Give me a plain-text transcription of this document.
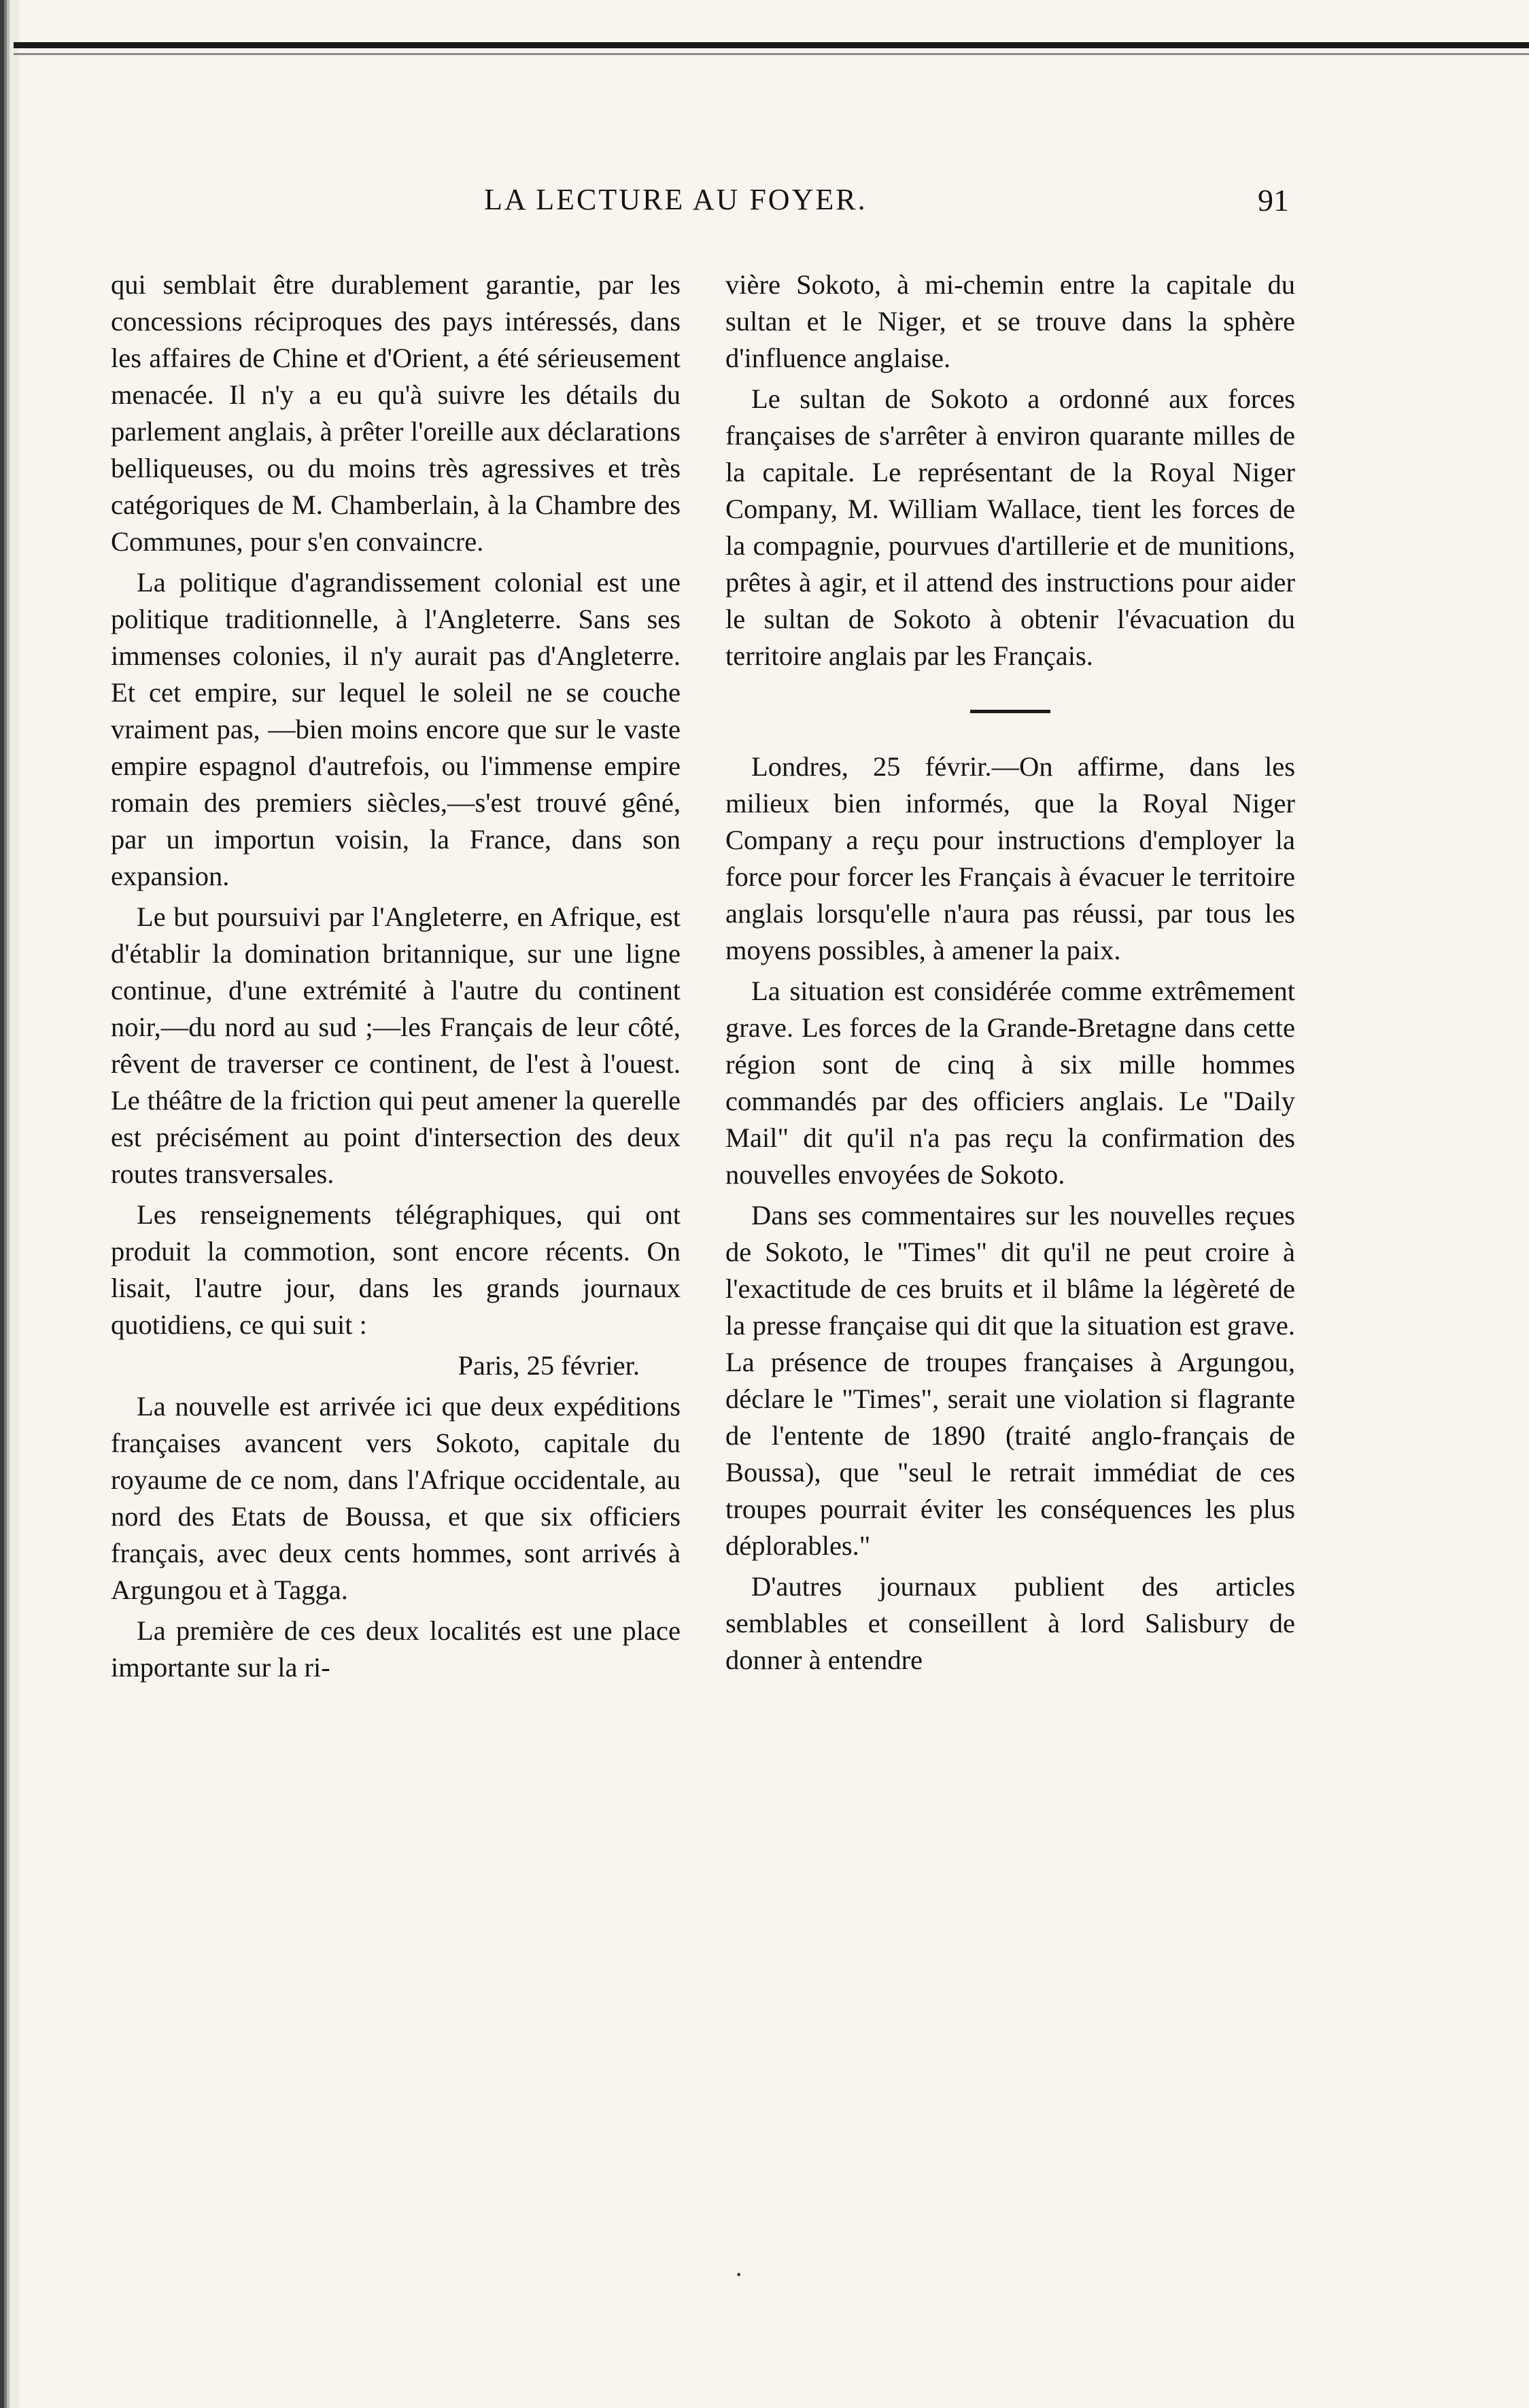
LA LECTURE AU FOYER.	91

qui semblait être durablement garantie, par les concessions réciproques des pays intéressés, dans les affaires de Chine et d'Orient, a été sérieusement menacée. Il n'y a eu qu'à suivre les détails du parlement anglais, à prêter l'oreille aux déclarations belliqueuses, ou du moins très agressives et très catégoriques de M. Chamberlain, à la Chambre des Communes, pour s'en convaincre.

La politique d'agrandissement colonial est une politique traditionnelle, à l'Angleterre. Sans ses immenses colonies, il n'y aurait pas d'Angleterre. Et cet empire, sur lequel le soleil ne se couche vraiment pas, —bien moins encore que sur le vaste empire espagnol d'autrefois, ou l'immense empire romain des premiers siècles,—s'est trouvé gêné, par un importun voisin, la France, dans son expansion.

Le but poursuivi par l'Angleterre, en Afrique, est d'établir la domination britannique, sur une ligne continue, d'une extrémité à l'autre du continent noir,—du nord au sud ;—les Français de leur côté, rêvent de traverser ce continent, de l'est à l'ouest. Le théâtre de la friction qui peut amener la querelle est précisément au point d'intersection des deux routes transversales.

Les renseignements télégraphiques, qui ont produit la commotion, sont encore récents. On lisait, l'autre jour, dans les grands journaux quotidiens, ce qui suit :

Paris, 25 février.

La nouvelle est arrivée ici que deux expéditions françaises avancent vers Sokoto, capitale du royaume de ce nom, dans l'Afrique occidentale, au nord des Etats de Boussa, et que six officiers français, avec deux cents hommes, sont arrivés à Argungou et à Tagga.

La première de ces deux localités est une place importante sur la ri-

vière Sokoto, à mi-chemin entre la capitale du sultan et le Niger, et se trouve dans la sphère d'influence anglaise.

Le sultan de Sokoto a ordonné aux forces françaises de s'arrêter à environ quarante milles de la capitale. Le représentant de la Royal Niger Company, M. William Wallace, tient les forces de la compagnie, pourvues d'artillerie et de munitions, prêtes à agir, et il attend des instructions pour aider le sultan de Sokoto à obtenir l'évacuation du territoire anglais par les Français.

Londres, 25 févrir.—On affirme, dans les milieux bien informés, que la Royal Niger Company a reçu pour instructions d'employer la force pour forcer les Français à évacuer le territoire anglais lorsqu'elle n'aura pas réussi, par tous les moyens possibles, à amener la paix.

La situation est considérée comme extrêmement grave. Les forces de la Grande-Bretagne dans cette région sont de cinq à six mille hommes commandés par des officiers anglais. Le "Daily Mail" dit qu'il n'a pas reçu la confirmation des nouvelles envoyées de Sokoto.

Dans ses commentaires sur les nouvelles reçues de Sokoto, le "Times" dit qu'il ne peut croire à l'exactitude de ces bruits et il blâme la légèreté de la presse française qui dit que la situation est grave. La présence de troupes françaises à Argungou, déclare le "Times", serait une violation si flagrante de l'entente de 1890 (traité anglo-français de Boussa), que "seul le retrait immédiat de ces troupes pourrait éviter les conséquences les plus déplorables."

D'autres journaux publient des articles semblables et conseillent à lord Salisbury de donner à entendre

·
